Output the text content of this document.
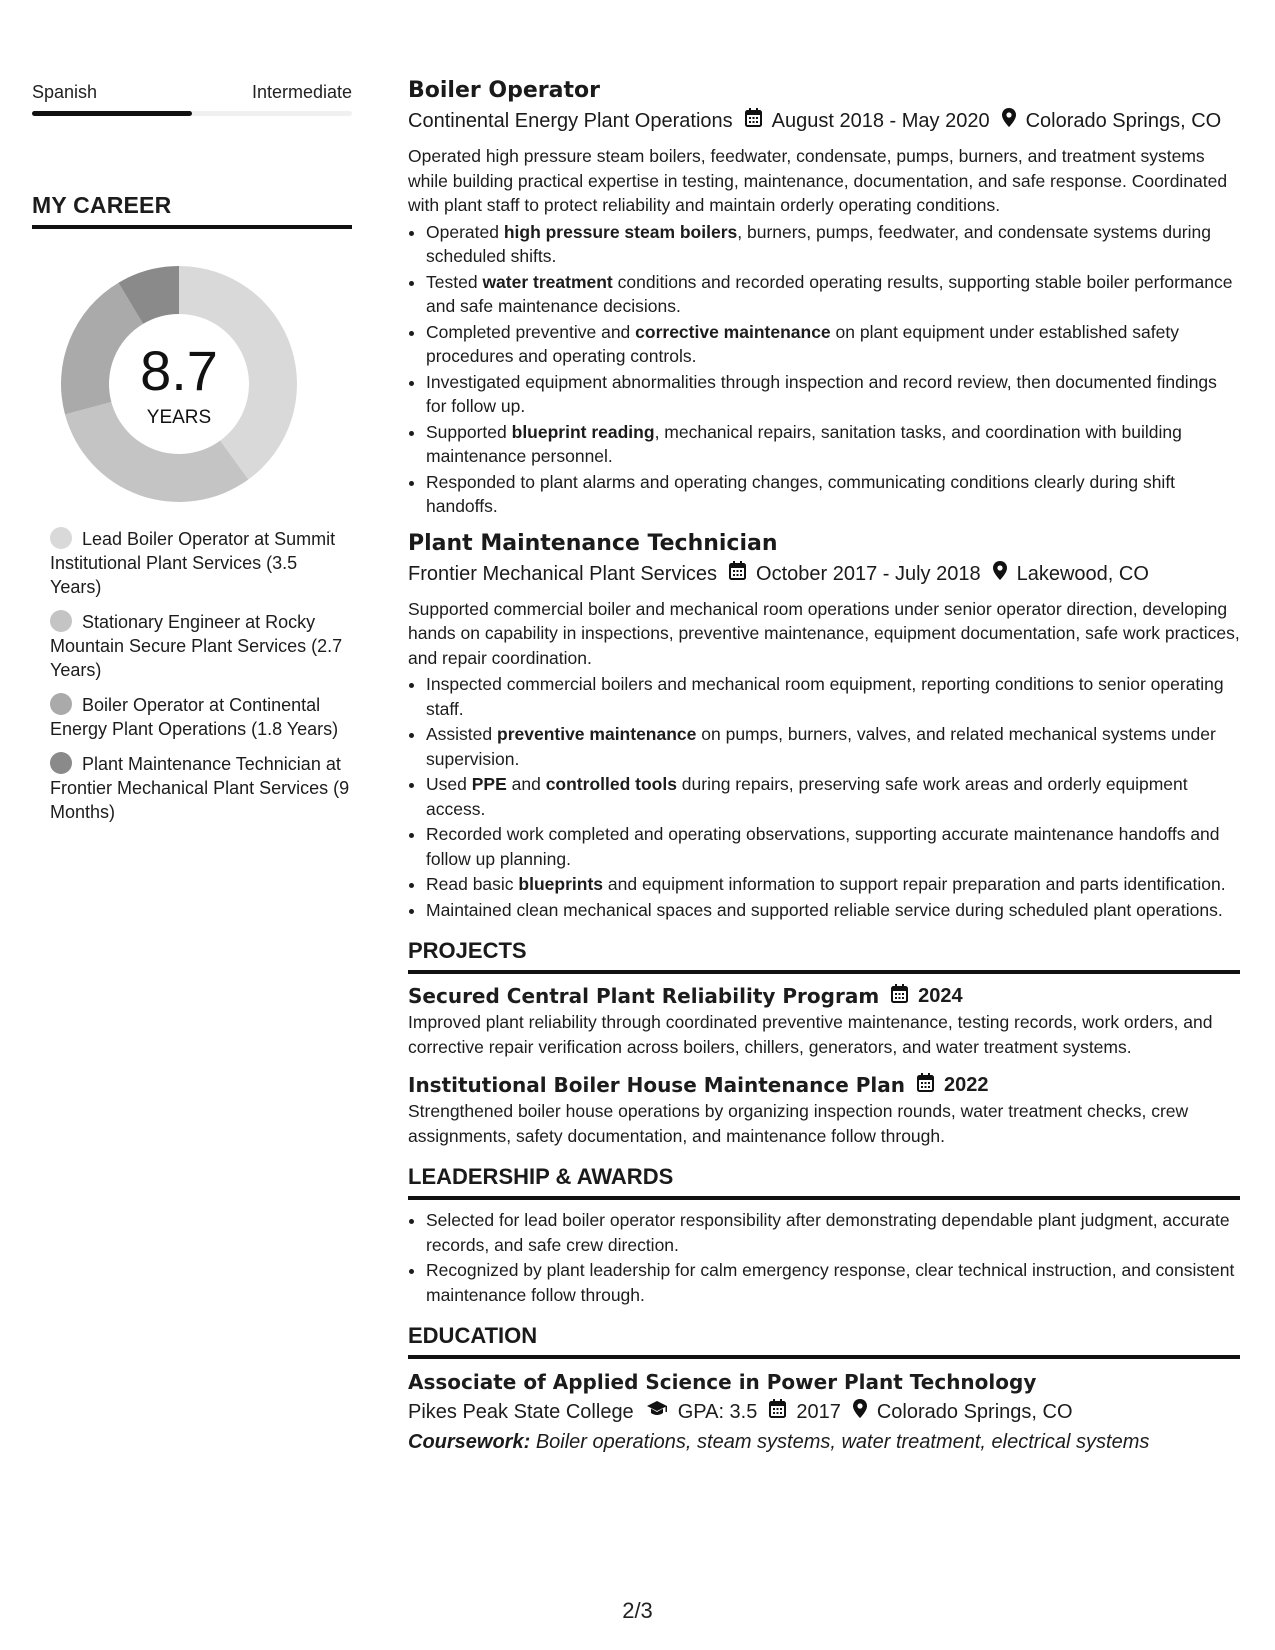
Spanish	Intermediate
MY CAREER
8.7
YEARS
Lead Boiler Operator at Summit Institutional Plant Services (3.5 Years)
Stationary Engineer at Rocky Mountain Secure Plant Services (2.7 Years)
Boiler Operator at Continental Energy Plant Operations (1.8 Years)
Plant Maintenance Technician at Frontier Mechanical Plant Services (9 Months)
Boiler Operator
Continental Energy Plant Operations August 2018 - May 2020 Colorado Springs, CO
Operated high pressure steam boilers, feedwater, condensate, pumps, burners, and treatment systems while building practical expertise in testing, maintenance, documentation, and safe response. Coordinated with plant staff to protect reliability and maintain orderly operating conditions.
• Operated high pressure steam boilers, burners, pumps, feedwater, and condensate systems during scheduled shifts.
• Tested water treatment conditions and recorded operating results, supporting stable boiler performance and safe maintenance decisions.
• Completed preventive and corrective maintenance on plant equipment under established safety procedures and operating controls.
• Investigated equipment abnormalities through inspection and record review, then documented findings for follow up.
• Supported blueprint reading, mechanical repairs, sanitation tasks, and coordination with building maintenance personnel.
• Responded to plant alarms and operating changes, communicating conditions clearly during shift handoffs.
Plant Maintenance Technician
Frontier Mechanical Plant Services October 2017 - July 2018 Lakewood, CO
Supported commercial boiler and mechanical room operations under senior operator direction, developing hands on capability in inspections, preventive maintenance, equipment documentation, safe work practices, and repair coordination.
• Inspected commercial boilers and mechanical room equipment, reporting conditions to senior operating staff.
• Assisted preventive maintenance on pumps, burners, valves, and related mechanical systems under supervision.
• Used PPE and controlled tools during repairs, preserving safe work areas and orderly equipment access.
• Recorded work completed and operating observations, supporting accurate maintenance handoffs and follow up planning.
• Read basic blueprints and equipment information to support repair preparation and parts identification.
• Maintained clean mechanical spaces and supported reliable service during scheduled plant operations.
PROJECTS
Secured Central Plant Reliability Program 2024
Improved plant reliability through coordinated preventive maintenance, testing records, work orders, and corrective repair verification across boilers, chillers, generators, and water treatment systems.
Institutional Boiler House Maintenance Plan 2022
Strengthened boiler house operations by organizing inspection rounds, water treatment checks, crew assignments, safety documentation, and maintenance follow through.
LEADERSHIP & AWARDS
• Selected for lead boiler operator responsibility after demonstrating dependable plant judgment, accurate records, and safe crew direction.
• Recognized by plant leadership for calm emergency response, clear technical instruction, and consistent maintenance follow through.
EDUCATION
Associate of Applied Science in Power Plant Technology
Pikes Peak State College GPA: 3.5 2017 Colorado Springs, CO
Coursework: Boiler operations, steam systems, water treatment, electrical systems
2/3
